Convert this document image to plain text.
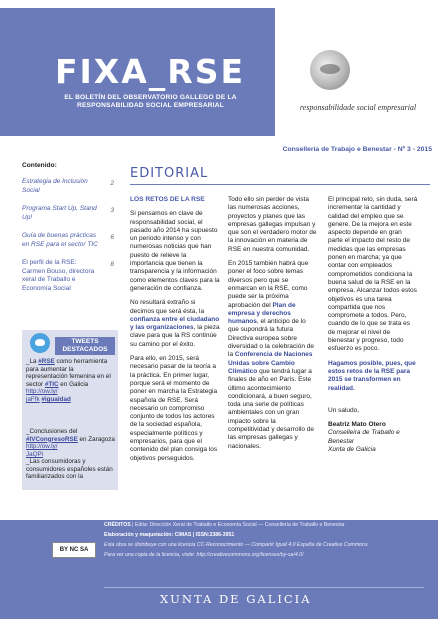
FIXA_RSE
EL BOLETÍN DEL OBSERVATORIO GALLEGO DE LA
RESPONSABILIDAD SOCIAL EMPRESARIAL	responsabilidade social empresarial
Consellería de Trabajo e Benestar - Nº 3 - 2015
Contenido:
Estrategia de Inclusión Social
2
Programa Start Up, Stand Up!
3
Guía de buenas prácticas en RSE para el sector TIC
6
El perfil de la RSE: Carmen Bouso, directora xeral de Traballo e Economía Social
8
TWEETS DESTACADOS
_La #RSE como herramienta para aumentar la representación femenina en el sector #TIC en Galicia http://ow.ly/
jaFfk #igualdad
_Conclusiones del #IVCongresoRSE en Zaragoza http://ow.ly/
JaQPi
_Las consumidoras y consumidores españoles están familiarizados con la
EDITORIAL
LOS RETOS DE LA RSE

Si pensamos en clave de responsabilidad social, el pasado año 2014 ha supuesto un periodo intenso y con numerosas noticias que han puesto de relieve la importancia que tienen la transparencia y la información como elementos claves para la generación de confianza.

No resultará extraño si decimos que será ésta, la confianza entre el ciudadano y las organizaciones, la pieza clave para que la RS continúe su camino por el éxito.

Para ello, en 2015, será necesario pasar de la teoría a la práctica. En primer lugar, porque será el momento de poner en marcha la Estrategia española de RSE. Será necesario un compromiso conjunto de todos los actores de la sociedad española, especialmente políticos y empresarios, para que el contenido del plan consiga los objetivos perseguidos.

Todo ello sin perder de vista las numerosas acciones, proyectos y planes que las empresas gallegas impulsan y que son el verdadero motor de la innovación en materia de RSE en nuestra comunidad.

En 2015 también habrá que poner el foco sobre temas diversos pero que se enmarcan en la RSE, como puede ser la próxima aprobación del Plan de empresa y derechos humanos, el anticipo de lo que supondrá la futura Directiva europea sobre diversidad o la celebración de la Conferencia de Naciones Unidas sobre Cambio Climático que tendrá lugar a finales de año en París. Este último acontecimiento condicionará, a buen seguro, toda una serie de políticas ambientales con un gran impacto sobre la competitividad y desarrollo de las empresas gallegas y nacionales.

El principal reto, sin duda, será incrementar la cantidad y calidad del empleo que se genere. De la mejora en este aspecto depende en gran parte el impacto del resto de medidas que las empresas ponen en marcha; ya que contar con empleados comprometidos condiciona la buena salud de la RSE en la empresa. Alcanzar todos estos objetivos es una tarea compartida que nos compromete a todos. Pero, cuando de lo que se trata es de mejorar el nivel de bienestar y progreso, todo esfuerzo es poco.

Hagamos posible, pues, que estos retos de la RSE para 2015 se transformen en realidad.

Un saludo,

Beatriz Mato Otero
Conselleira de Traballo e Benestar
Xunta de Galicia
BY NC SA
CRÉDITOS | Edita: Dirección Xeral de Traballo e Economía Social — Consellería de Traballo e Benestar
Elaboración y maquetación: CIMAS | ISSN:2386-3951
Esta obra se distribuye con una licencia CC-Reconocimiento — Compartir Igual 4.0 España de Creative Commons
Para ver una copia de la licencia, visite: http://creativecommons.org/licenses/by-sa/4.0/
XUNTA DE GALICIA
